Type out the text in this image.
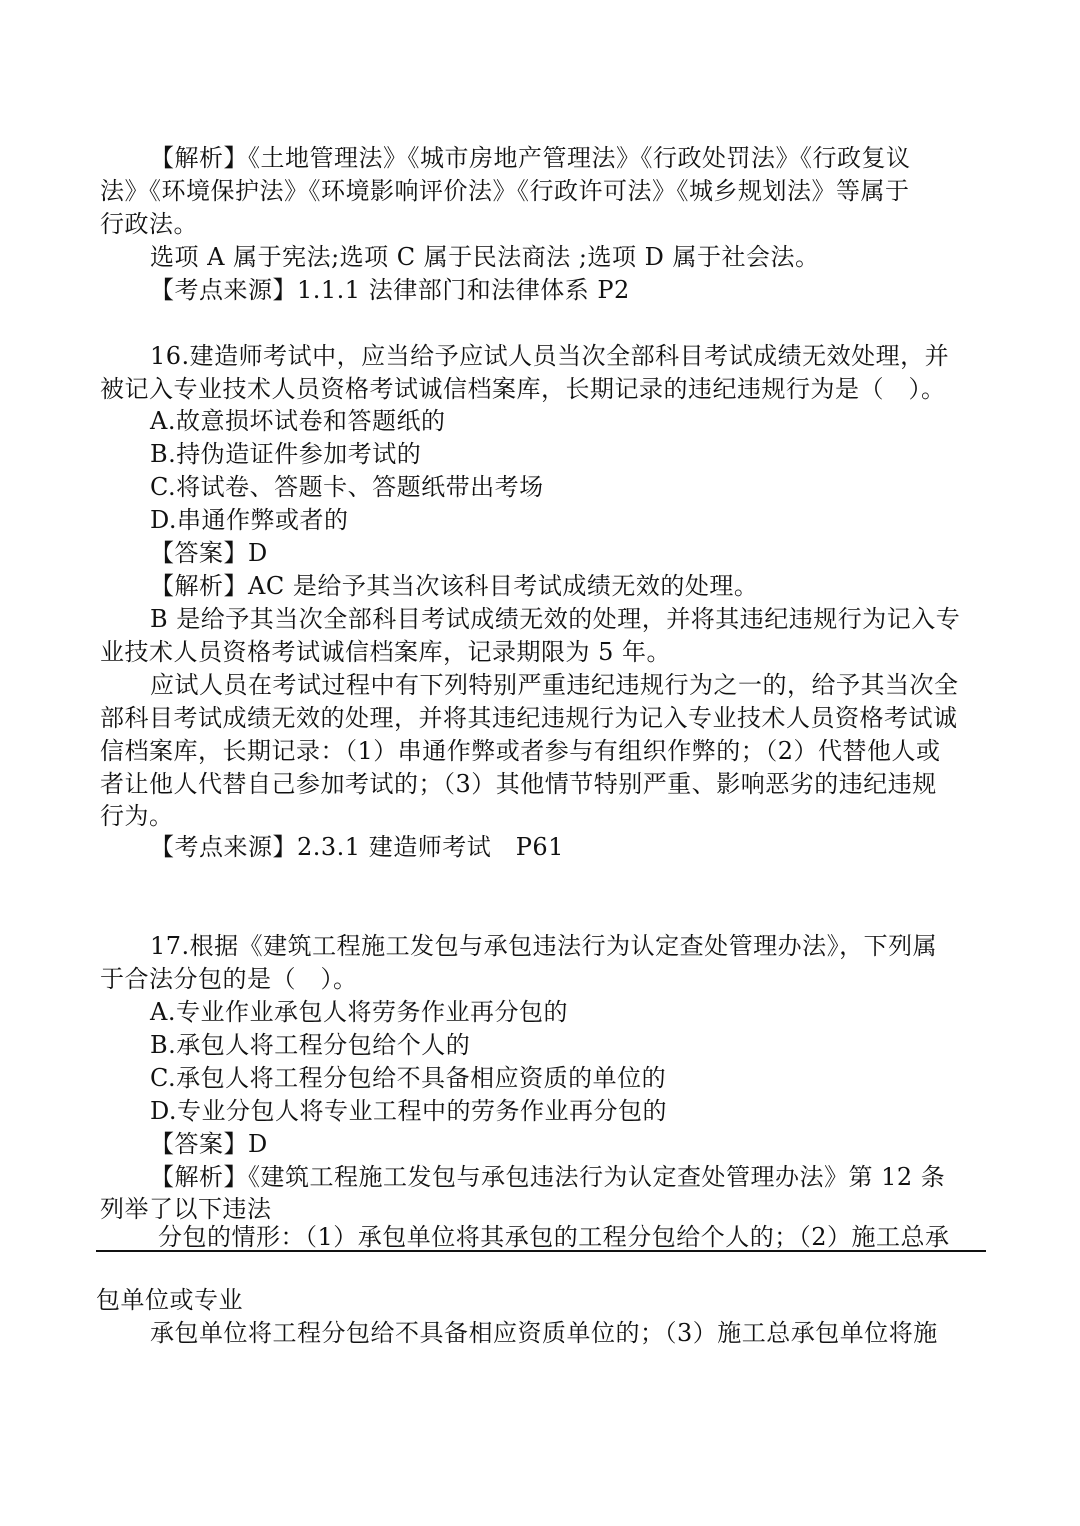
【解析】《土地管理法》《城市房地产管理法》《行政处罚法》《行政复议
法》《环境保护法》《环境影响评价法》《行政许可法》《城乡规划法》等属于
行政法。
选项 A 属于宪法;选项 C 属于民法商法 ;选项 D 属于社会法。
【考点来源】1.1.1 法律部门和法律体系 P2
16.建造师考试中，应当给予应试人员当次全部科目考试成绩无效处理，并
被记入专业技术人员资格考试诚信档案库，长期记录的违纪违规行为是（　）。
A.故意损坏试卷和答题纸的
B.持伪造证件参加考试的
C.将试卷、答题卡、答题纸带出考场
D.串通作弊或者的
【答案】D
【解析】AC 是给予其当次该科目考试成绩无效的处理。
B 是给予其当次全部科目考试成绩无效的处理，并将其违纪违规行为记入专
业技术人员资格考试诚信档案库，记录期限为 5 年。
应试人员在考试过程中有下列特别严重违纪违规行为之一的，给予其当次全
部科目考试成绩无效的处理，并将其违纪违规行为记入专业技术人员资格考试诚
信档案库，长期记录：（1）串通作弊或者参与有组织作弊的；（2）代替他人或
者让他人代替自己参加考试的；（3）其他情节特别严重、影响恶劣的违纪违规
行为。
【考点来源】2.3.1 建造师考试　P61
17.根据《建筑工程施工发包与承包违法行为认定查处管理办法》，下列属
于合法分包的是（　）。
A.专业作业承包人将劳务作业再分包的
B.承包人将工程分包给个人的
C.承包人将工程分包给不具备相应资质的单位的
D.专业分包人将专业工程中的劳务作业再分包的
【答案】D
【解析】《建筑工程施工发包与承包违法行为认定查处管理办法》第 12 条
列举了以下违法
分包的情形：（1）承包单位将其承包的工程分包给个人的；（2）施工总承
包单位或专业
承包单位将工程分包给不具备相应资质单位的；（3）施工总承包单位将施
